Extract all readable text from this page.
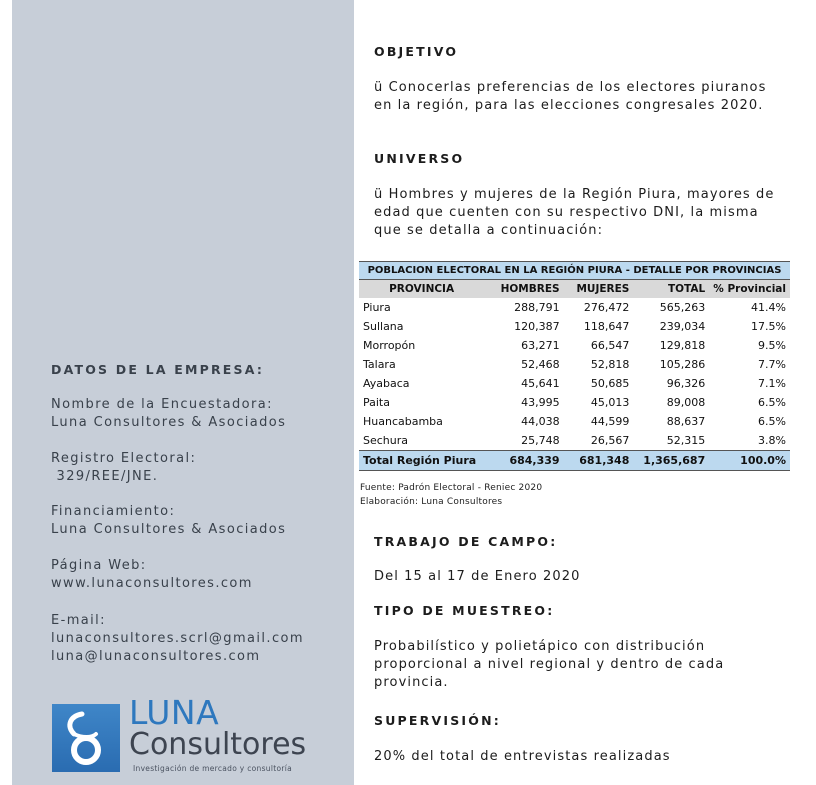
DATOS DE LA EMPRESA:
Nombre de la Encuestadora:
Luna Consultores & Asociados
Registro Electoral:
329/REE/JNE.
Financiamiento:
Luna Consultores & Asociados
Página Web:
www.lunaconsultores.com
E-mail:
lunaconsultores.scrl@gmail.com
luna@lunaconsultores.com
LUNA
Consultores
Investigación de mercado y consultoría
OBJETIVO
ü Conocerlas preferencias de los electores piuranos
en la región, para las elecciones congresales 2020.
UNIVERSO
ü Hombres y mujeres de la Región Piura, mayores de
edad que cuenten con su respectivo DNI, la misma
que se detalla a continuación:
POBLACION ELECTORAL EN LA REGIÓN PIURA - DETALLE POR PROVINCIAS				
PROVINCIA	HOMBRES	MUJERES	TOTAL	% Provincial
Piura	288,791	276,472	565,263	41.4%
Sullana	120,387	118,647	239,034	17.5%
Morropón	63,271	66,547	129,818	9.5%
Talara	52,468	52,818	105,286	7.7%
Ayabaca	45,641	50,685	96,326	7.1%
Paita	43,995	45,013	89,008	6.5%
Huancabamba	44,038	44,599	88,637	6.5%
Sechura	25,748	26,567	52,315	3.8%
Total Región Piura	684,339	681,348	1,365,687	100.0%
Fuente: Padrón Electoral - Reniec 2020
Elaboración: Luna Consultores
TRABAJO DE CAMPO:
Del 15 al 17 de Enero 2020
TIPO DE MUESTREO:
Probabilístico y polietápico con distribución
proporcional a nivel regional y dentro de cada
provincia.
SUPERVISIÓN:
20% del total de entrevistas realizadas
